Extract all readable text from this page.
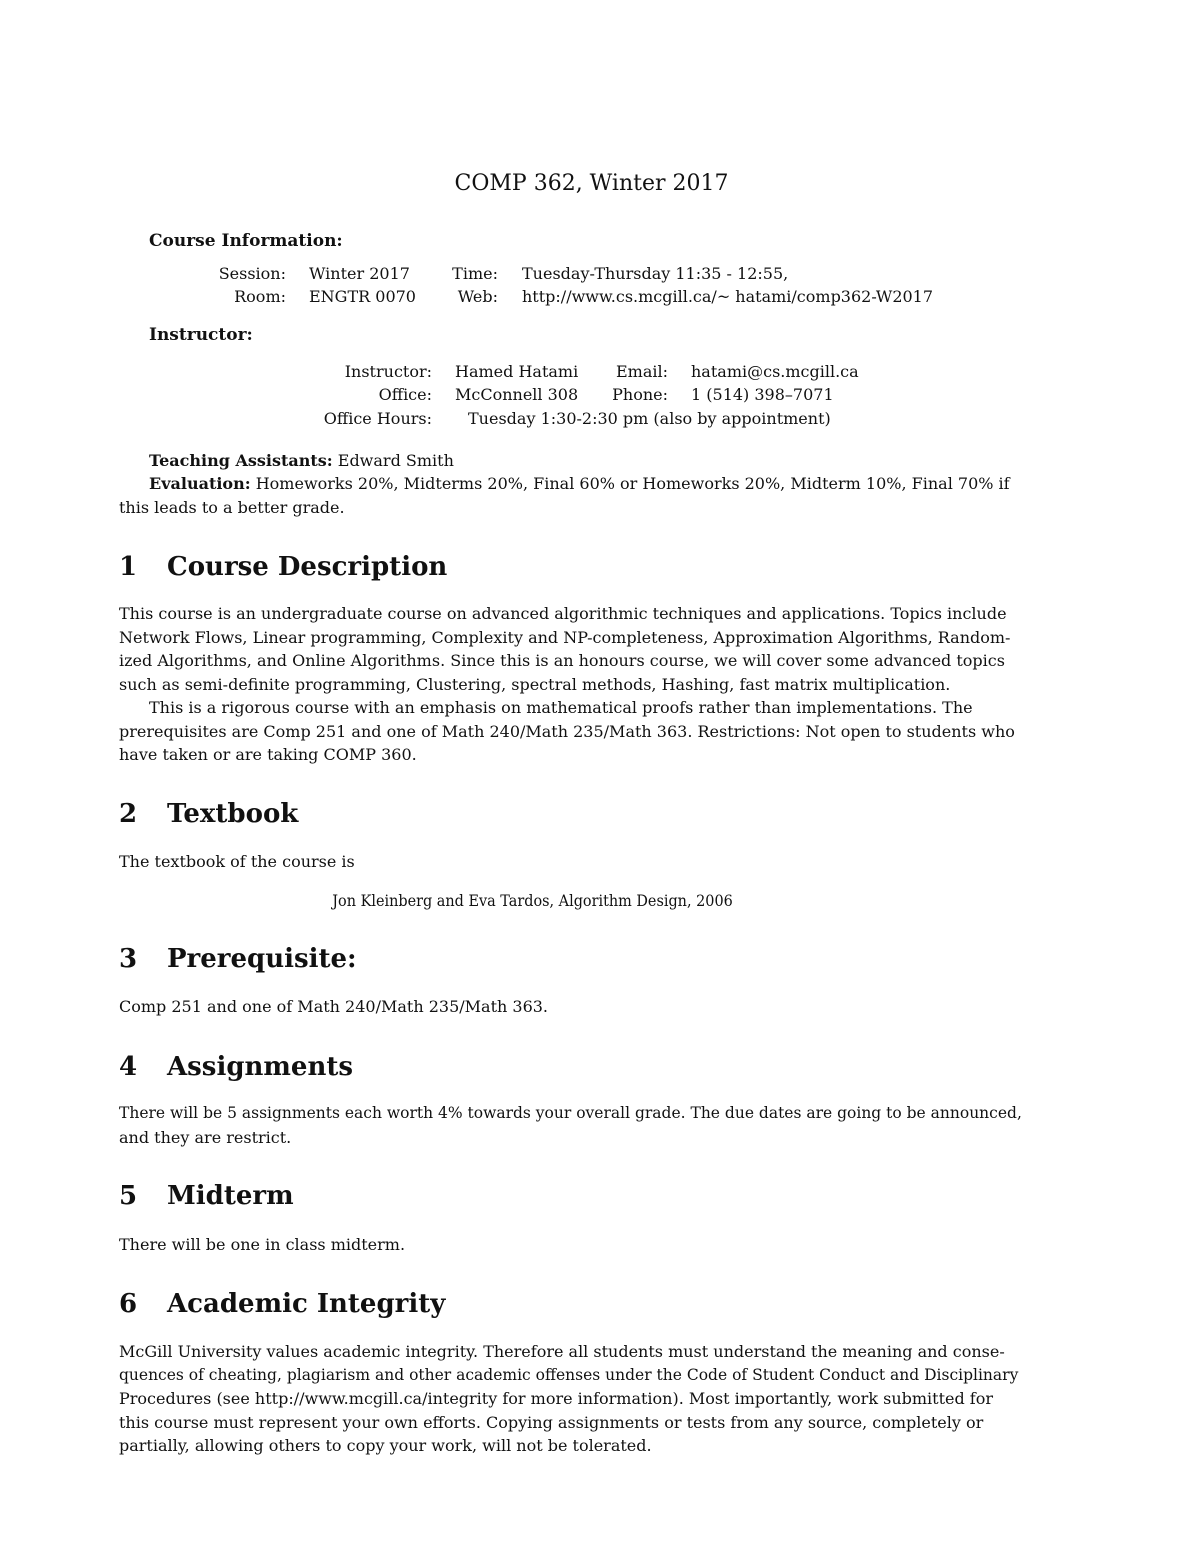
COMP 362, Winter 2017
Course Information:
Session: Winter 2017	Time: Tuesday-Thursday 11:35 - 12:55,
Room: ENGTR 0070	Web: http://www.cs.mcgill.ca/~ hatami/comp362-W2017
Instructor:
Instructor: Hamed Hatami	Email: hatami@cs.mcgill.ca
Office: McConnell 308	Phone: 1 (514) 398–7071
Office Hours: Tuesday 1:30-2:30 pm (also by appointment)
Teaching Assistants: Edward Smith
Evaluation: Homeworks 20%, Midterms 20%, Final 60% or Homeworks 20%, Midterm 10%, Final 70% if
this leads to a better grade.
1 Course Description
This course is an undergraduate course on advanced algorithmic techniques and applications. Topics include
Network Flows, Linear programming, Complexity and NP-completeness, Approximation Algorithms, Random-
ized Algorithms, and Online Algorithms. Since this is an honours course, we will cover some advanced topics
such as semi-definite programming, Clustering, spectral methods, Hashing, fast matrix multiplication.
This is a rigorous course with an emphasis on mathematical proofs rather than implementations. The
prerequisites are Comp 251 and one of Math 240/Math 235/Math 363. Restrictions: Not open to students who
have taken or are taking COMP 360.
2 Textbook
The textbook of the course is
Jon Kleinberg and Eva Tardos, Algorithm Design, 2006
3 Prerequisite:
Comp 251 and one of Math 240/Math 235/Math 363.
4 Assignments
There will be 5 assignments each worth 4% towards your overall grade. The due dates are going to be announced,
and they are restrict.
5 Midterm
There will be one in class midterm.
6 Academic Integrity
McGill University values academic integrity. Therefore all students must understand the meaning and conse-
quences of cheating, plagiarism and other academic offenses under the Code of Student Conduct and Disciplinary
Procedures (see http://www.mcgill.ca/integrity for more information). Most importantly, work submitted for
this course must represent your own efforts. Copying assignments or tests from any source, completely or
partially, allowing others to copy your work, will not be tolerated.
